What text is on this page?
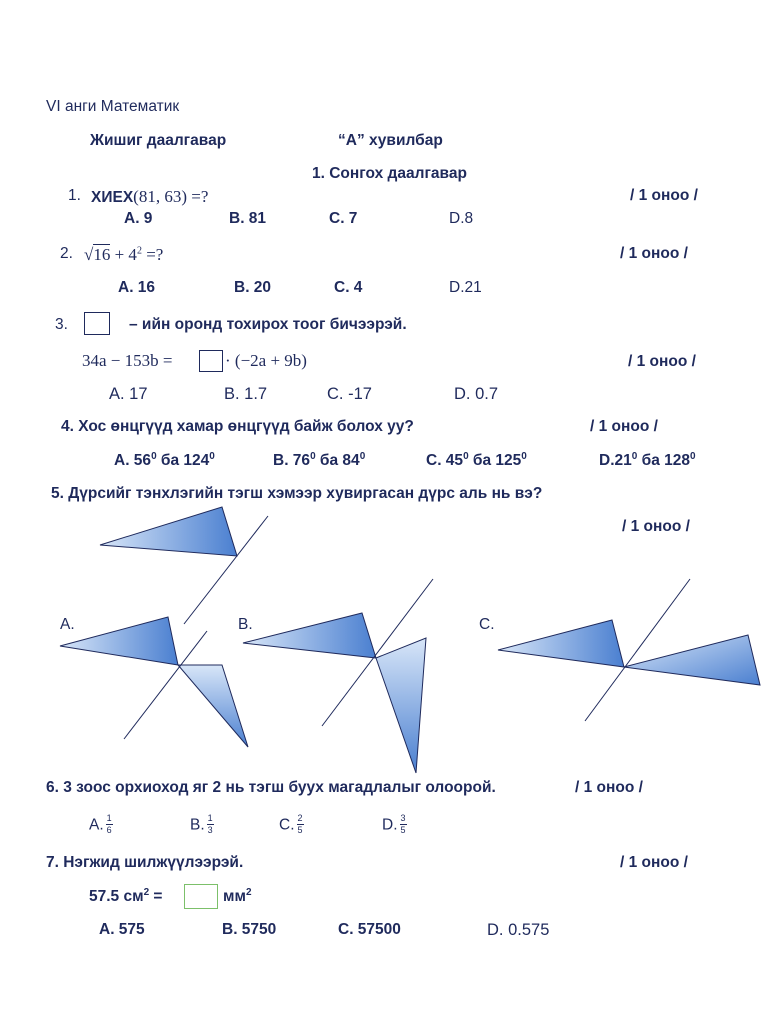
VI анги Математик
Жишиг даалгавар	“А” хувилбар
1. Сонгох даалгавар
1. ХИЕХ(81, 63) =?	/ 1 оноо /
A. 9	B. 81	C. 7	D.8
2. $√16 + 4^2$ =?	/ 1 оноо /
A. 16	B. 20	C. 4	D.21
3.	– ийн оронд тохирох тоог бичээрэй.
34a − 153b =	· (−2a + 9b)	/ 1 оноо /
A. 17	B. 1.7	C. -17	D. 0.7
4. Хос өнцгүүд хамар өнцгүүд байж болох уу?	/ 1 оноо /
A. $56^0$ ба $124^0$	B. $76^0$ ба $84^0$	C. $45^0$ ба $125^0$	$D.21^0$ ба $128^0$
5. Дүрсийг тэнхлэгийн тэгш хэмээр хувиргасан дүрс аль нь вэ?
/ 1 оноо /
A.	B.	C.
6. 3 зоос орхиоход яг 2 нь тэгш буух магадлалыг олоорой.	/ 1 оноо /
A. $\frac{1}{6}$	B. $\frac{1}{3}$	C. $\frac{2}{5}$	D. $\frac{3}{5}$
7. Нэгжид шилжүүлээрэй.	/ 1 оноо /
57.5 $см^2$ =	$мм^2$
A. 575	B. 5750	C. 57500	D. 0.575
